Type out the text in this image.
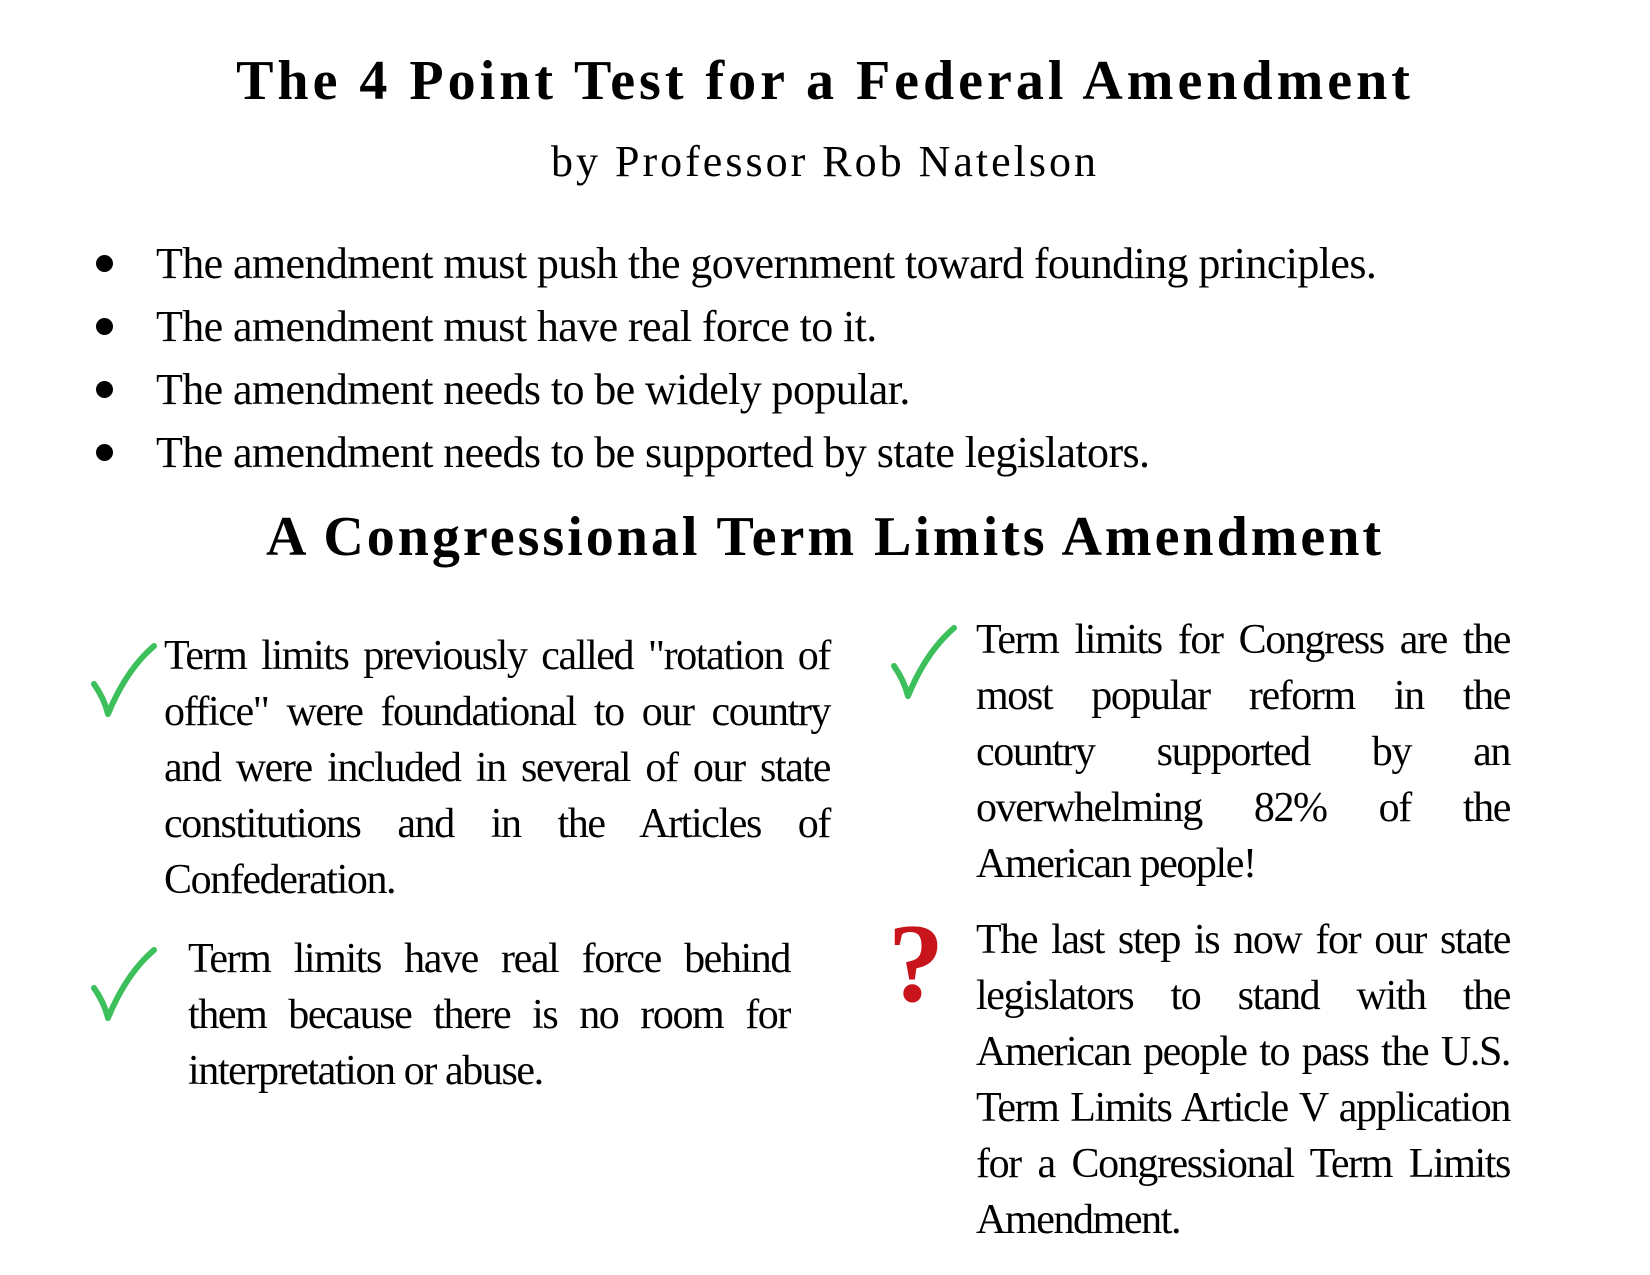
The 4 Point Test for a Federal Amendment
by Professor Rob Natelson
The amendment must push the government toward founding principles.
The amendment must have real force to it.
The amendment needs to be widely popular.
The amendment needs to be supported by state legislators.
A Congressional Term Limits Amendment
Term limits previously called "rotation of office" were foundational to our country and were included in several of our state constitutions and in the Articles of Confederation.
Term limits have real force behind them because there is no room for interpretation or abuse.
Term limits for Congress are the most popular reform in the country supported by an overwhelming 82% of the American people!
? The last step is now for our state legislators to stand with the American people to pass the U.S. Term Limits Article V application for a Congressional Term Limits Amendment.
